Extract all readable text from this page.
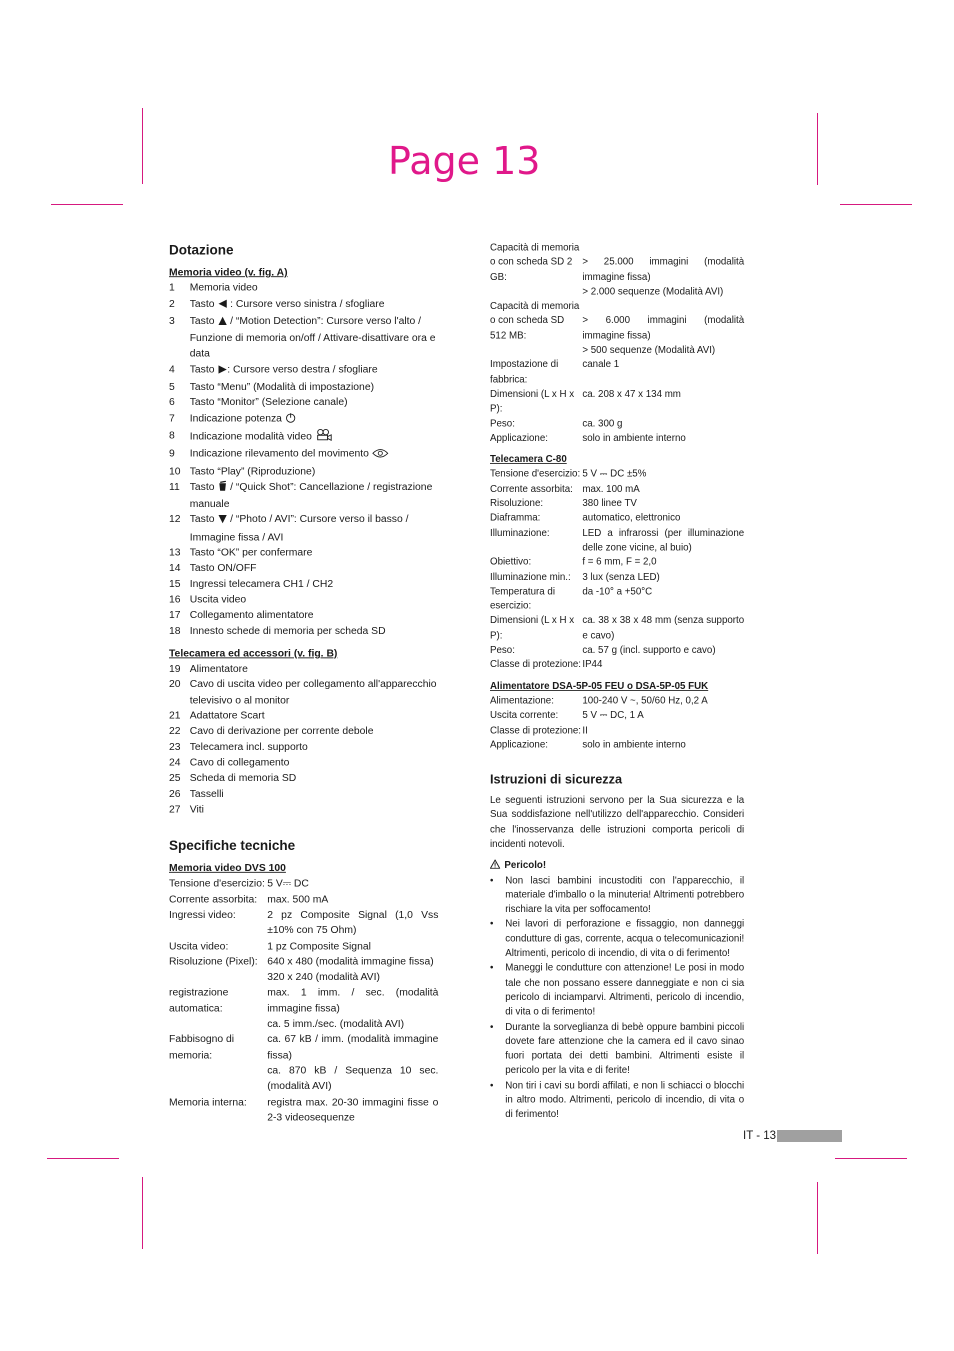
Page 13
Dotazione
Memoria video (v. fig. A)
1	Memoria video
2	Tasto  : Cursore verso sinistra / sfogliare
3	Tasto  / “Motion Detection”: Cursore verso l'alto / Funzione di memoria on/off / Attivare-disattivare ora e data
4	Tasto : Cursore verso destra / sfogliare
5	Tasto “Menu” (Modalità di impostazione)
6	Tasto “Monitor” (Selezione canale)
7	Indicazione potenza
8	Indicazione modalità video
9	Indicazione rilevamento del movimento
10 Tasto “Play” (Riproduzione)
11 Tasto  / “Quick Shot”: Cancellazione / registrazione manuale
12 Tasto  / “Photo / AVI”: Cursore verso il basso / Immagine fissa / AVI
13 Tasto “OK” per confermare
14 Tasto ON/OFF
15 Ingressi telecamera CH1 / CH2
16 Uscita video
17 Collegamento alimentatore
18 Innesto schede di memoria per scheda SD
Telecamera ed accessori (v. fig. B)
19 Alimentatore
20 Cavo di uscita video per collegamento all'apparecchio televisivo o al monitor
21 Adattatore Scart
22 Cavo di derivazione per corrente debole
23 Telecamera incl. supporto
24 Cavo di collegamento
25 Scheda di memoria SD
26 Tasselli
27 Viti
Specifiche tecniche
Memoria video DVS 100
Tensione d'esercizio: 5 V⎓ DC
Corrente assorbita: max. 500 mA
Ingressi video:	2 pz Composite Signal (1,0 Vss ±10% con 75 Ohm)
Uscita video:	1 pz Composite Signal
Risoluzione (Pixel): 640 x 480 (modalità immagine fissa)
320 x 240 (modalità AVI)
registrazione automatica:
max. 1 imm. / sec. (modalità immagine fissa)
ca. 5 imm./sec. (modalità AVI)
Fabbisogno di memoria:
ca. 67 kB / imm. (modalità immagine fissa)
ca. 870 kB / Sequenza 10 sec. (modalità AVI)
Memoria interna:	registra max. 20-30 immagini fisse o 2-3 videosequenze
Capacità di memoria
o con scheda SD 2 GB:
> 25.000 immagini (modalità immagine fissa)
> 2.000 sequenze (Modalità AVI)
Capacità di memoria
o con scheda SD 512 MB:
> 6.000 immagini (modalità immagine fissa)
> 500 sequenze (Modalità AVI)
Impostazione di fabbrica:
canale 1
Dimensioni (L x H x P):
ca. 208 x 47 x 134 mm
Peso:	ca. 300 g
Applicazione:	solo in ambiente interno
Telecamera C-80
Tensione d'esercizio: 5 V ⎓ DC ±5%
Corrente assorbita: max. 100 mA
Risoluzione:	380 linee TV
Diaframma:	automatico, elettronico
Illuminazione:	LED a infrarossi (per illuminazione delle zone vicine, al buio)
Obiettivo:	f = 6 mm, F = 2,0
Illuminazione min.:	3 lux (senza LED)
Temperatura di esercizio:
da -10° a +50°C
Dimensioni (L x H x P):
ca. 38 x 38 x 48 mm (senza supporto e cavo)
Peso:	ca. 57 g (incl. supporto e cavo)
Classe di protezione: IP44
Alimentatore DSA-5P-05 FEU o DSA-5P-05 FUK
Alimentazione:	100-240 V ~, 50/60 Hz, 0,2 A
Uscita corrente:	5 V ⎓ DC, 1 A
Classe di protezione: II
Applicazione:	solo in ambiente interno
Istruzioni di sicurezza
Le seguenti istruzioni servono per la Sua sicurezza e la Sua soddisfazione nell'utilizzo dell'apparecchio. Consideri che l'inosservanza delle istruzioni comporta pericoli di incidenti notevoli.
Pericolo!
•	Non lasci bambini incustoditi con l'apparecchio, il materiale d'imballo o la minuteria! Altrimenti potrebbero rischiare la vita per soffocamento!
•	Nei lavori di perforazione e fissaggio, non danneggi condutture di gas, corrente, acqua o telecomunicazioni! Altrimenti, pericolo di incendio, di vita o di ferimento!
•	Maneggi le condutture con attenzione! Le posi in modo tale che non possano essere danneggiate e non ci sia pericolo di inciamparvi. Altrimenti, pericolo di incendio, di vita o di ferimento!
•	Durante la sorveglianza di bebè oppure bambini piccoli dovete fare attenzione che la camera ed il cavo sinao fuori portata dei detti bambini. Altrimenti esiste il pericolo per la vita e di ferite!
•	Non tiri i cavi su bordi affilati, e non li schiacci o blocchi in altro modo. Altrimenti, pericolo di incendio, di vita o di ferimento!
IT - 13
